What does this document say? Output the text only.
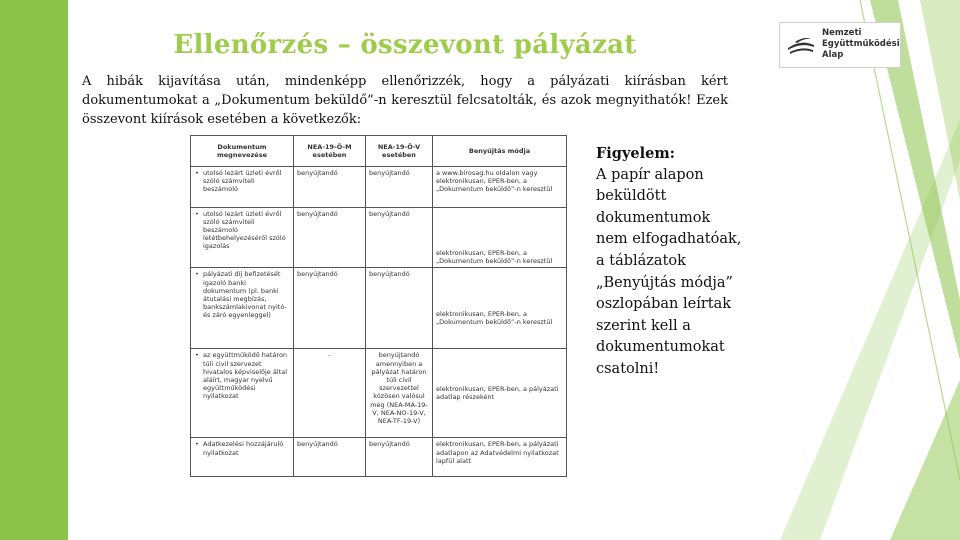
Ellenőrzés – összevont pályázat	Nemzeti
Együttműködési
Alap
A hibák kijavítása után, mindenképp ellenőrizzék, hogy a pályázati kiírásban kért dokumentumokat a „Dokumentum beküldő”-n keresztül felcsatolták, és azok megnyithatók! Ezek összevont kiírások esetében a következők:
Dokumentum megnevezése	NEA-19-Ö-M esetében	NEA-19-Ö-V esetében	Benyújtás módja
• utolsó lezárt üzleti évről szóló számviteli beszámoló	benyújtandó	benyújtandó	a www.birosag.hu oldalon vagy elektronikusan, EPER-ben, a „Dokumentum beküldő”-n keresztül
• utolsó lezárt üzleti évről szóló számviteli beszámoló letétbehelyezéséről szóló igazolás	benyújtandó	benyújtandó	elektronikusan, EPER-ben, a „Dokumentum beküldő”-n keresztül
• pályázati díj befizetését igazoló banki dokumentum (pl. banki átutalási megbízás, bankszámlakivonat nyitó- és záró egyenleggel)	benyújtandó	benyújtandó	elektronikusan, EPER-ben, a „Dokumentum beküldő”-n keresztül
• az együttműködő határon túli civil szervezet hivatalos képviselője által aláírt, magyar nyelvű együttműködési nyilatkozat	-	benyújtandó amennyiben a pályázat határon túli civil szervezettel közösen valósul meg (NEA-MA-19-V, NEA-NO-19-V, NEA-TF-19-V)	elektronikusan, EPER-ben, a pályázati adatlap részeként
• Adatkezelési hozzájáruló nyilatkozat	benyújtandó	benyújtandó	elektronikusan, EPER-ben, a pályázati adatlapon az Adatvédelmi nyilatkozat lapfül alatt
Figyelem:
A papír alapon beküldött dokumentumok nem elfogadhatóak, a táblázatok „Benyújtás módja” oszlopában leírtak szerint kell a dokumentumokat csatolni!
